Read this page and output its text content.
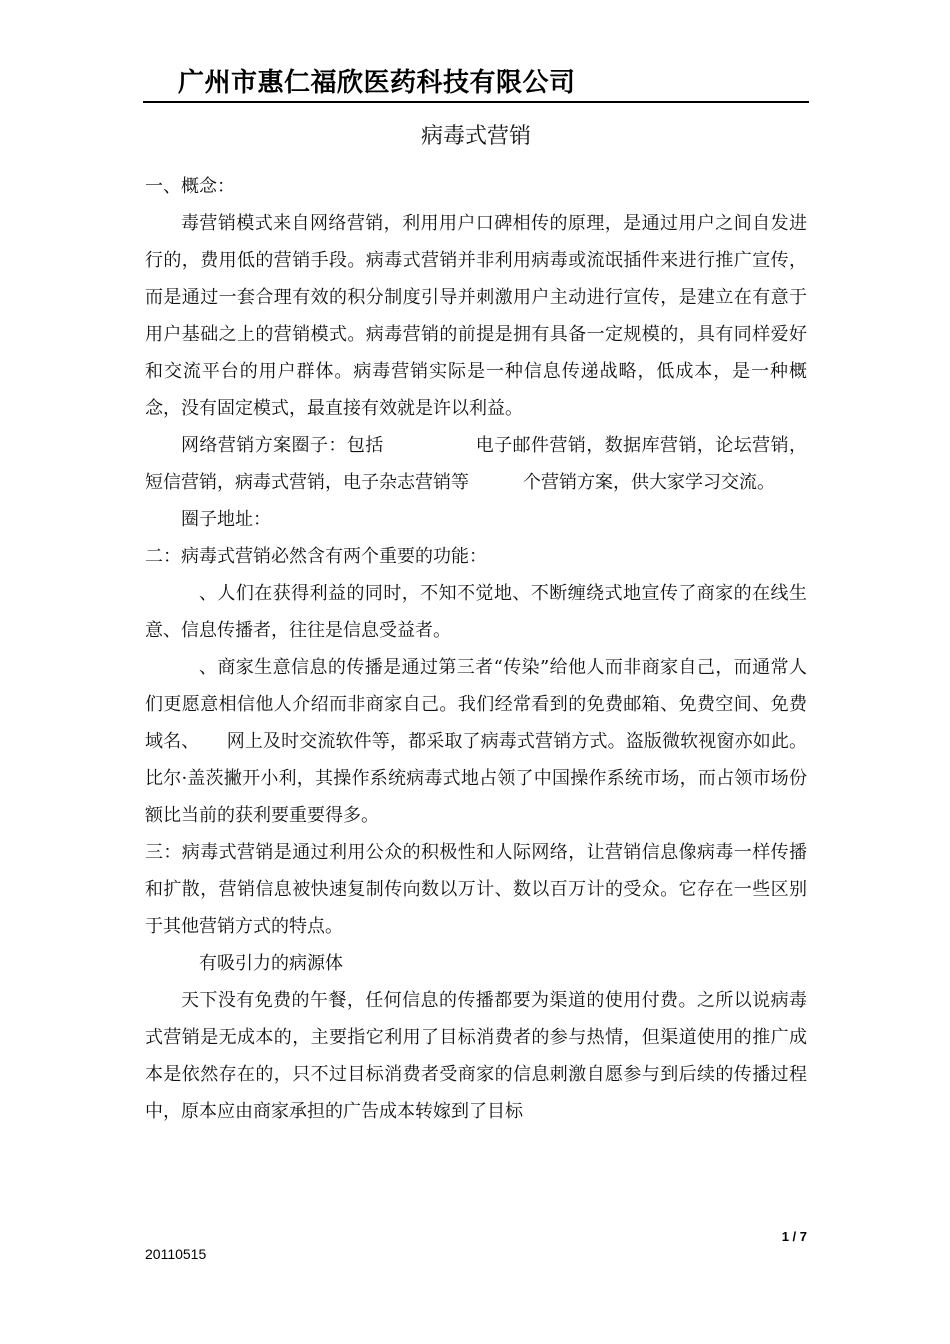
广州市惠仁福欣医药科技有限公司
病毒式营销

一、概念：

毒营销模式来自网络营销，利用用户口碑相传的原理，是通过用户之间自发进行的，费用低的营销手段。病毒式营销并非利用病毒或流氓插件来进行推广宣传，而是通过一套合理有效的积分制度引导并刺激用户主动进行宣传，是建立在有意于用户基础之上的营销模式。病毒营销的前提是拥有具备一定规模的，具有同样爱好和交流平台的用户群体。病毒营销实际是一种信息传递战略，低成本，是一种概念，没有固定模式，最直接有效就是许以利益。

网络营销方案圈子：包括　　　　　电子邮件营销，数据库营销，论坛营销，短信营销，病毒式营销，电子杂志营销等　　　个营销方案，供大家学习交流。

圈子地址：

二：病毒式营销必然含有两个重要的功能：

、人们在获得利益的同时，不知不觉地、不断缠绕式地宣传了商家的在线生意、信息传播者，往往是信息受益者。

、商家生意信息的传播是通过第三者“传染”给他人而非商家自己，而通常人们更愿意相信他人介绍而非商家自己。我们经常看到的免费邮箱、免费空间、免费域名、　　网上及时交流软件等，都采取了病毒式营销方式。盗版微软视窗亦如此。比尔·盖茨撇开小利，其操作系统病毒式地占领了中国操作系统市场，而占领市场份额比当前的获利要重要得多。

三：病毒式营销是通过利用公众的积极性和人际网络，让营销信息像病毒一样传播和扩散，营销信息被快速复制传向数以万计、数以百万计的受众。它存在一些区别于其他营销方式的特点。

有吸引力的病源体

天下没有免费的午餐，任何信息的传播都要为渠道的使用付费。之所以说病毒式营销是无成本的，主要指它利用了目标消费者的参与热情，但渠道使用的推广成本是依然存在的，只不过目标消费者受商家的信息刺激自愿参与到后续的传播过程中，原本应由商家承担的广告成本转嫁到了目标

1 / 7
20110515
